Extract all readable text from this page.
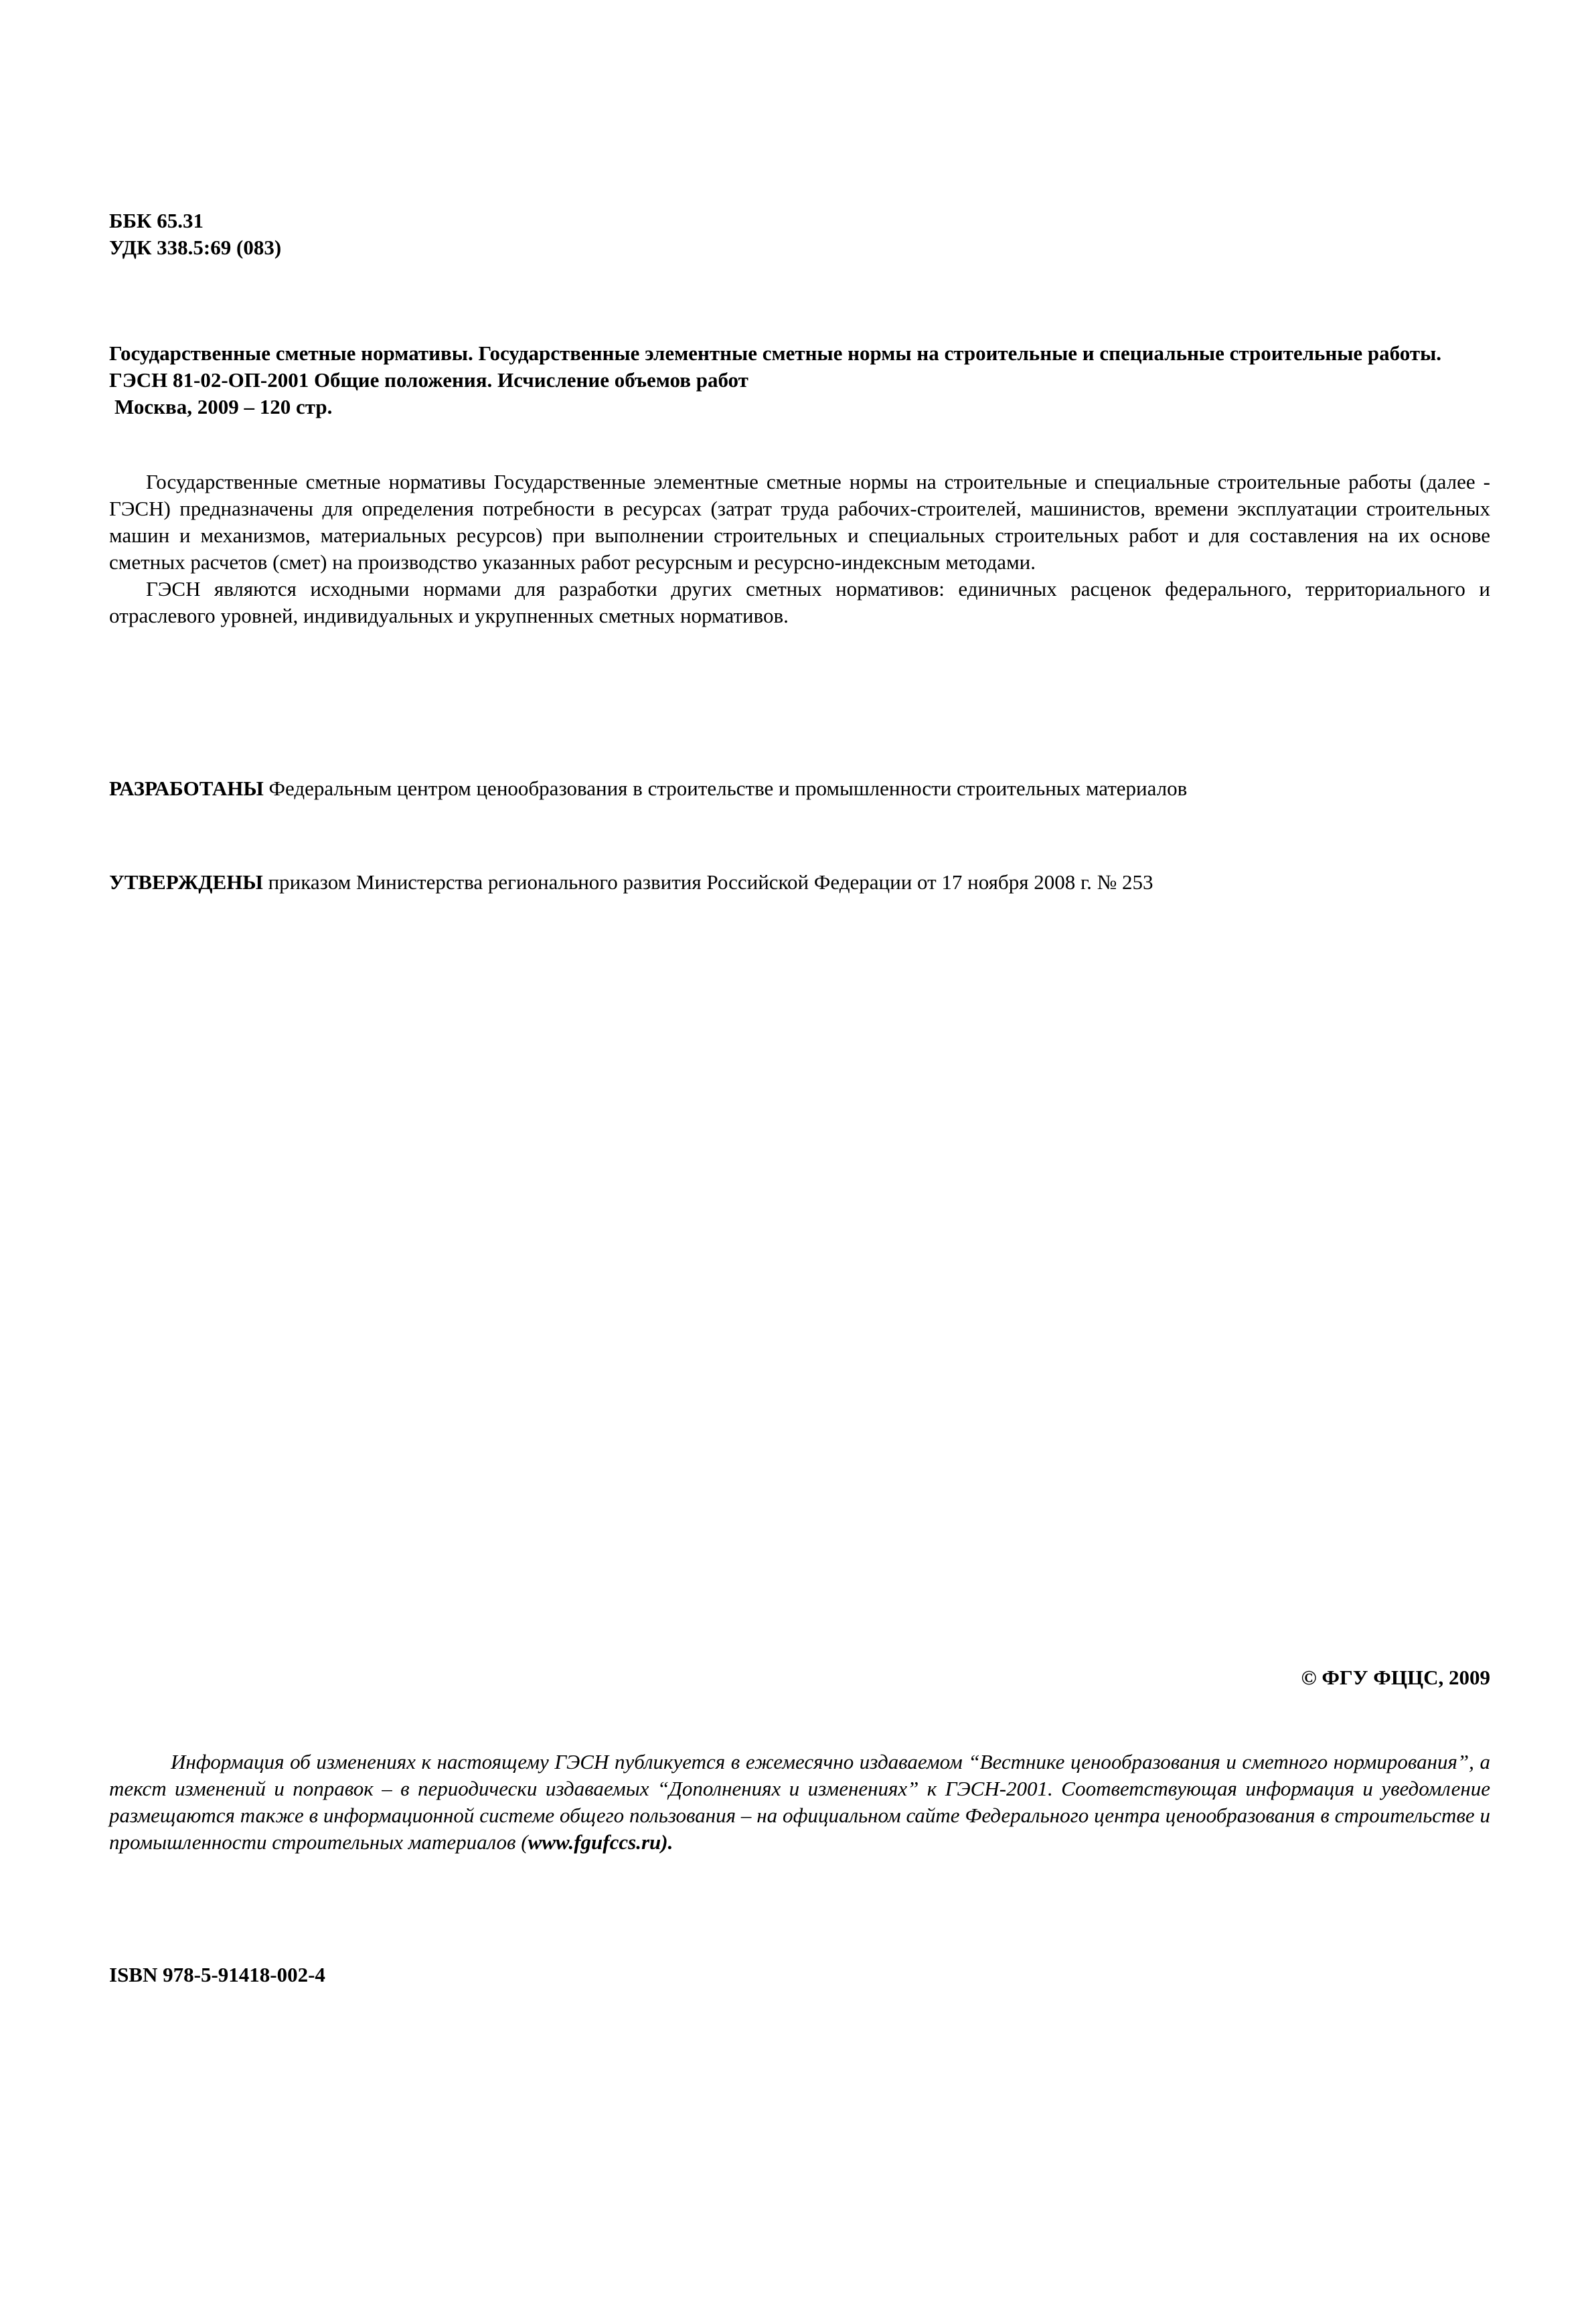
ББК 65.31
УДК 338.5:69 (083)
Государственные сметные нормативы. Государственные элементные сметные нормы на строительные и специальные строительные работы.
ГЭСН 81-02-ОП-2001 Общие положения. Исчисление объемов работ
Москва, 2009 – 120 стр.

Государственные сметные нормативы Государственные элементные сметные нормы на строительные и специальные строительные работы (далее - ГЭСН) предназначены для определения потребности в ресурсах (затрат труда рабочих-строителей, машинистов, времени эксплуатации строительных машин и механизмов, материальных ресурсов) при выполнении строительных и специальных строительных работ и для составления на их основе сметных расчетов (смет) на производство указанных работ ресурсным и ресурсно-индексным методами.

ГЭСН являются исходными нормами для разработки других сметных нормативов: единичных расценок федерального, территориального и отраслевого уровней, индивидуальных и укрупненных сметных нормативов.

РАЗРАБОТАНЫ Федеральным центром ценообразования в строительстве и промышленности строительных материалов

УТВЕРЖДЕНЫ приказом Министерства регионального развития Российской Федерации от 17 ноября 2008 г. № 253

© ФГУ ФЦЦС, 2009

Информация об изменениях к настоящему ГЭСН публикуется в ежемесячно издаваемом “Вестнике ценообразования и сметного нормирования”, а текст изменений и поправок – в периодически издаваемых “Дополнениях и изменениях” к ГЭСН-2001. Соответствующая информация и уведомление размещаются также в информационной системе общего пользования – на официальном сайте Федерального центра ценообразования в строительстве и промышленности строительных материалов (www.fgufccs.ru).

ISBN 978-5-91418-002-4
